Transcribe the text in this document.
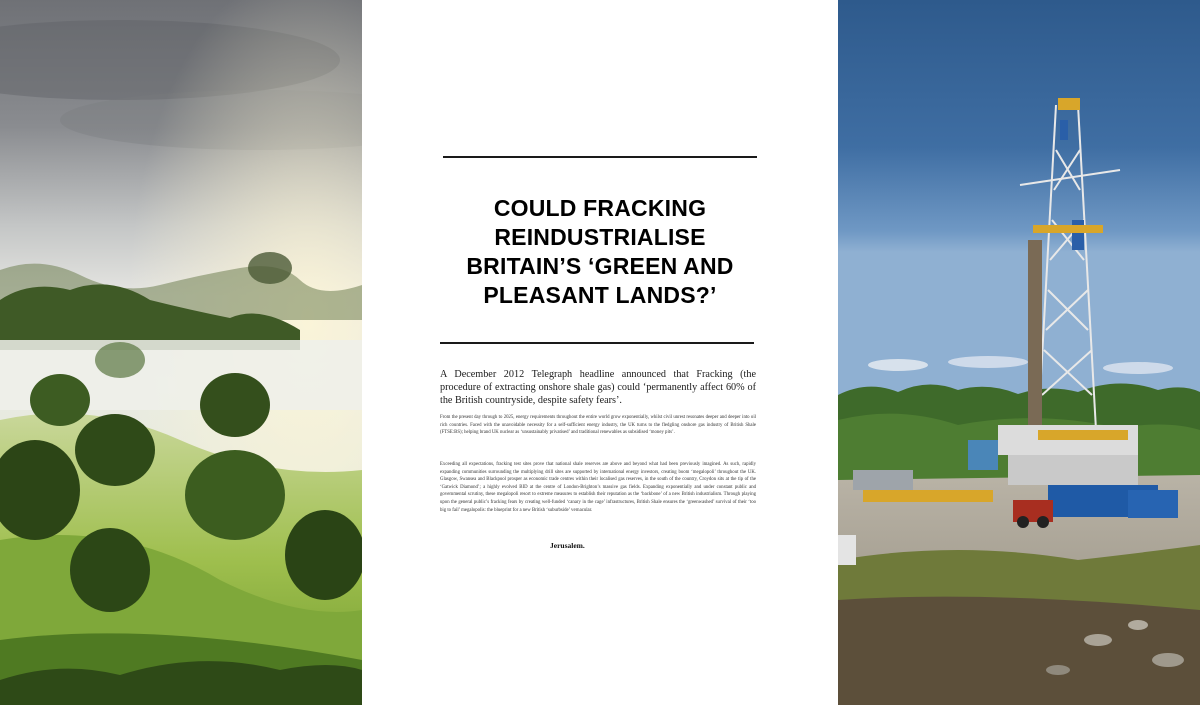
COULD FRACKING REINDUSTRIALISE BRITAIN’S ‘GREEN AND PLEASANT LANDS?’

A December 2012 Telegraph headline announced that Fracking (the procedure of extracting onshore shale gas) could ‘permanently affect 60% of the British countryside, despite safety fears’.

From the present day through to 2025, energy requirements throughout the entire world grow exponentially, whilst civil unrest resonates deeper and deeper into oil rich countries. Faced with the unavoidable necessity for a self-sufficient energy industry, the UK turns to the fledgling onshore gas industry of British Shale (FTSE:BS); helping brand UK nuclear as ‘unsustainably privatised’ and traditional renewables as subsidised ‘money pits’.

Exceeding all expectations, fracking test sites prove that national shale reserves are above and beyond what had been previously imagined. As such, rapidly expanding communities surrounding the multiplying drill sites are supported by international energy investors, creating boom ‘megalopoli’ throughout the UK. Glasgow, Swansea and Blackpool prosper as economic trade centres within their localised gas reserves, in the south of the country, Croydon sits at the tip of the ‘Gatwick Diamond’; a highly evolved BID at the centre of London-Brighton’s massive gas fields. Expanding exponentially and under constant public and governmental scrutiny, these megalopoli resort to extreme measures to establish their reputation as the ‘backbone’ of a new British industrialism. Through playing upon the general public’s fracking fears by creating well-funded ‘canary in the cage’ infrastructures, British Shale ensures the ‘greenwashed’ survival of their ‘too big to fail’ megalopolis: the blueprint for a new British ‘suburbside’ vernacular.

Jerusalem.
